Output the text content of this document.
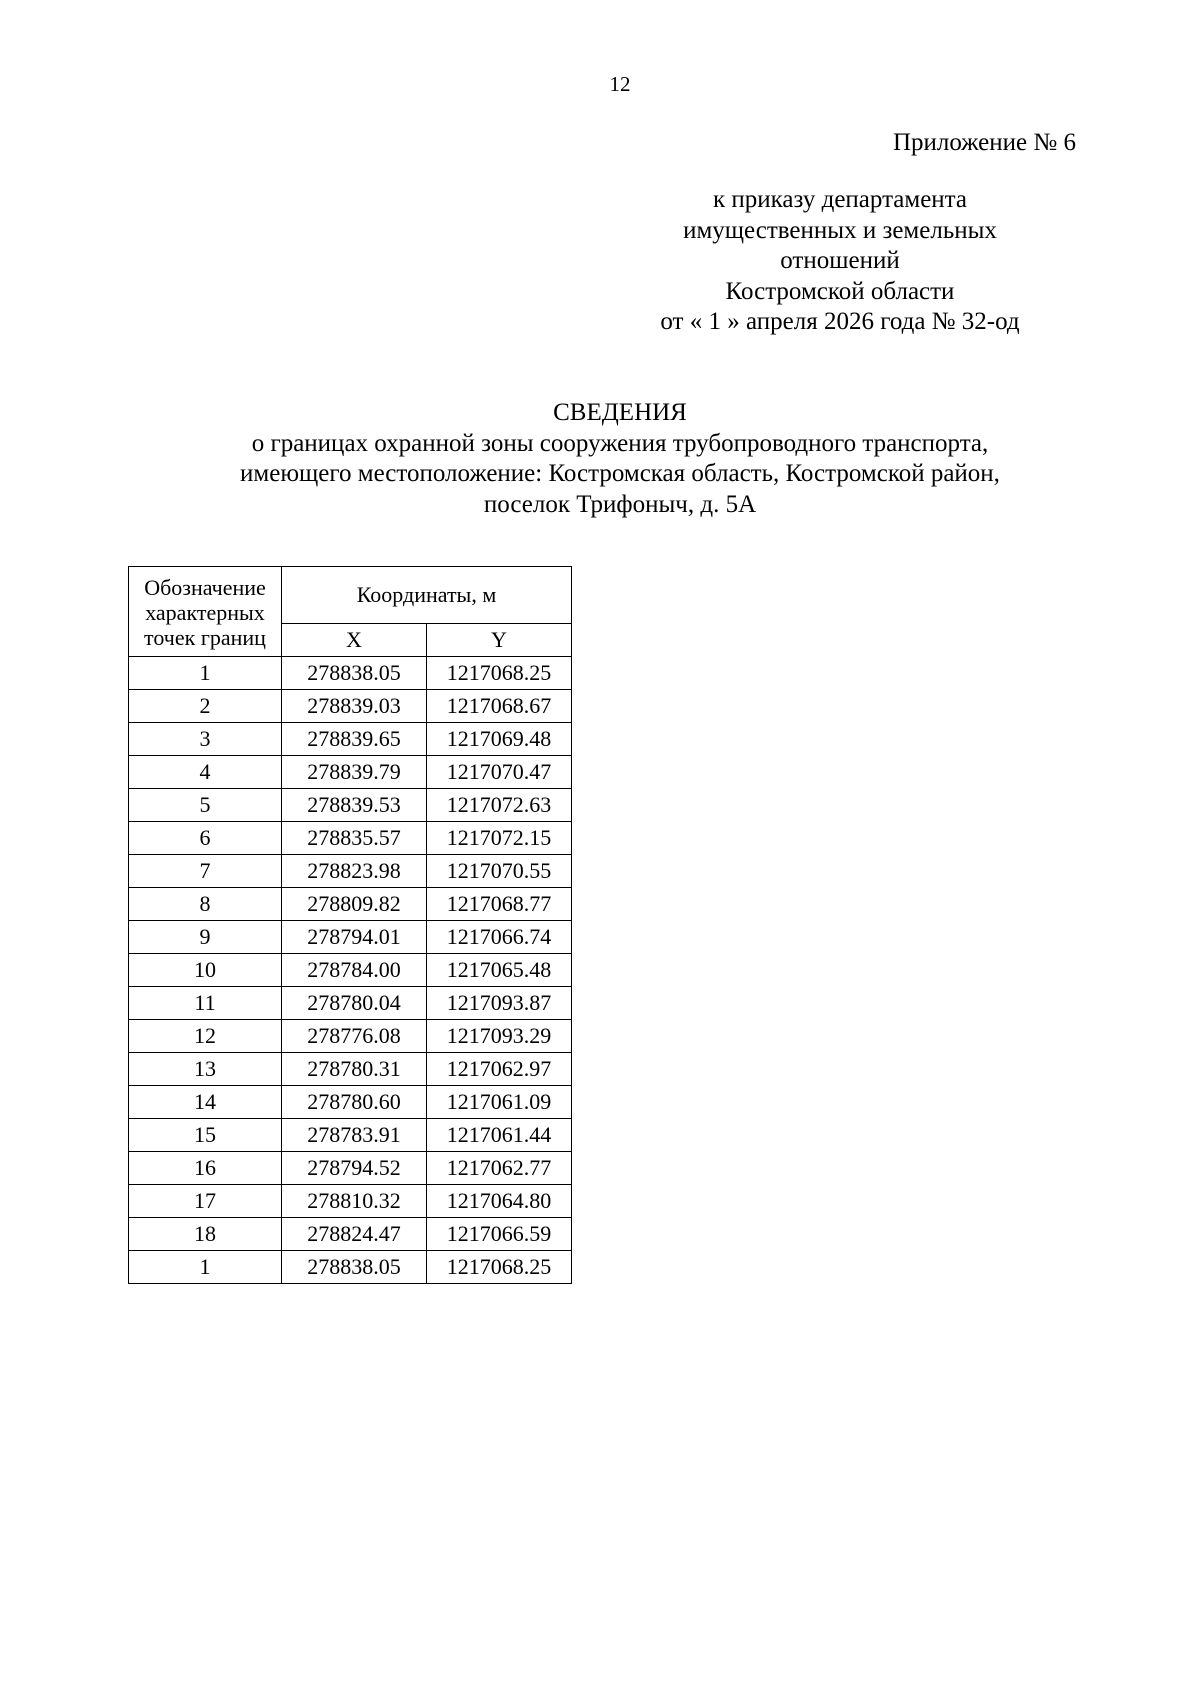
12
Приложение № 6
к приказу департамента
имущественных и земельных
отношений
Костромской области
от « 1 » апреля 2026 года № 32-од
СВЕДЕНИЯ
о границах охранной зоны сооружения трубопроводного транспорта,
имеющего местоположение: Костромская область, Костромской район,
поселок Трифоныч, д. 5А
Обозначение
характерных
точек границ	Координаты, м	
	X	Y
1	278838.05	1217068.25
2	278839.03	1217068.67
3	278839.65	1217069.48
4	278839.79	1217070.47
5	278839.53	1217072.63
6	278835.57	1217072.15
7	278823.98	1217070.55
8	278809.82	1217068.77
9	278794.01	1217066.74
10	278784.00	1217065.48
11	278780.04	1217093.87
12	278776.08	1217093.29
13	278780.31	1217062.97
14	278780.60	1217061.09
15	278783.91	1217061.44
16	278794.52	1217062.77
17	278810.32	1217064.80
18	278824.47	1217066.59
1	278838.05	1217068.25
